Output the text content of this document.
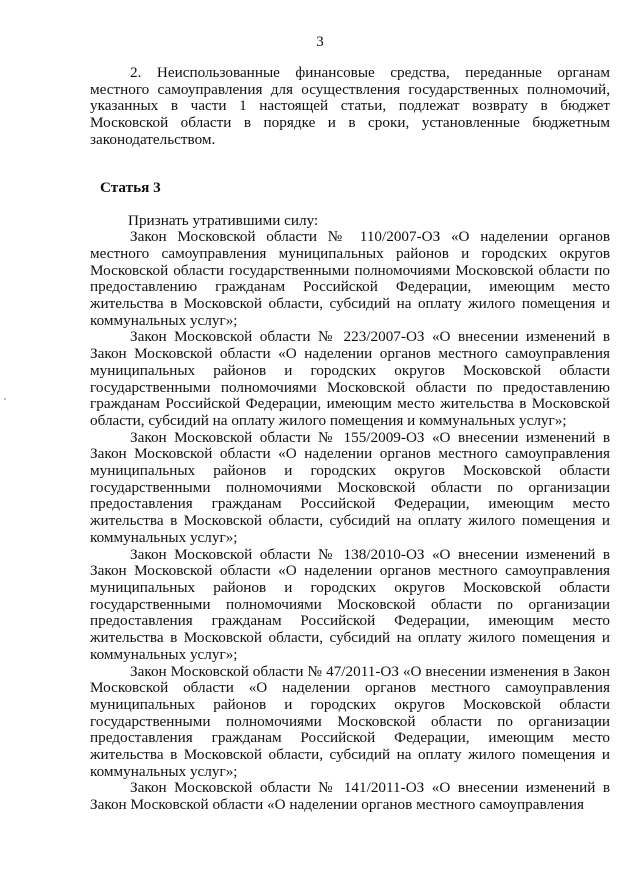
3

2. Неиспользованные финансовые средства, переданные органам местного самоуправления для осуществления государственных полномочий, указанных в части 1 настоящей статьи, подлежат возврату в бюджет Московской области в порядке и в сроки, установленные бюджетным законодательством.

Статья 3

Признать утратившими силу:

Закон Московской области № 110/2007-ОЗ «О наделении органов местного самоуправления муниципальных районов и городских округов Московской области государственными полномочиями Московской области по предоставлению гражданам Российской Федерации, имеющим место жительства в Московской области, субсидий на оплату жилого помещения и коммунальных услуг»;

Закон Московской области № 223/2007-ОЗ «О внесении изменений в Закон Московской области «О наделении органов местного самоуправления муниципальных районов и городских округов Московской области государственными полномочиями Московской области по предоставлению гражданам Российской Федерации, имеющим место жительства в Московской области, субсидий на оплату жилого помещения и коммунальных услуг»;

Закон Московской области № 155/2009-ОЗ «О внесении изменений в Закон Московской области «О наделении органов местного самоуправления муниципальных районов и городских округов Московской области государственными полномочиями Московской области по организации предоставления гражданам Российской Федерации, имеющим место жительства в Московской области, субсидий на оплату жилого помещения и коммунальных услуг»;

Закон Московской области № 138/2010-ОЗ «О внесении изменений в Закон Московской области «О наделении органов местного самоуправления муниципальных районов и городских округов Московской области государственными полномочиями Московской области по организации предоставления гражданам Российской Федерации, имеющим место жительства в Московской области, субсидий на оплату жилого помещения и коммунальных услуг»;

Закон Московской области № 47/2011-ОЗ «О внесении изменения в Закон Московской области «О наделении органов местного самоуправления муниципальных районов и городских округов Московской области государственными полномочиями Московской области по организации предоставления гражданам Российской Федерации, имеющим место жительства в Московской области, субсидий на оплату жилого помещения и коммунальных услуг»;

Закон Московской области № 141/2011-ОЗ «О внесении изменений в Закон Московской области «О наделении органов местного самоуправления
